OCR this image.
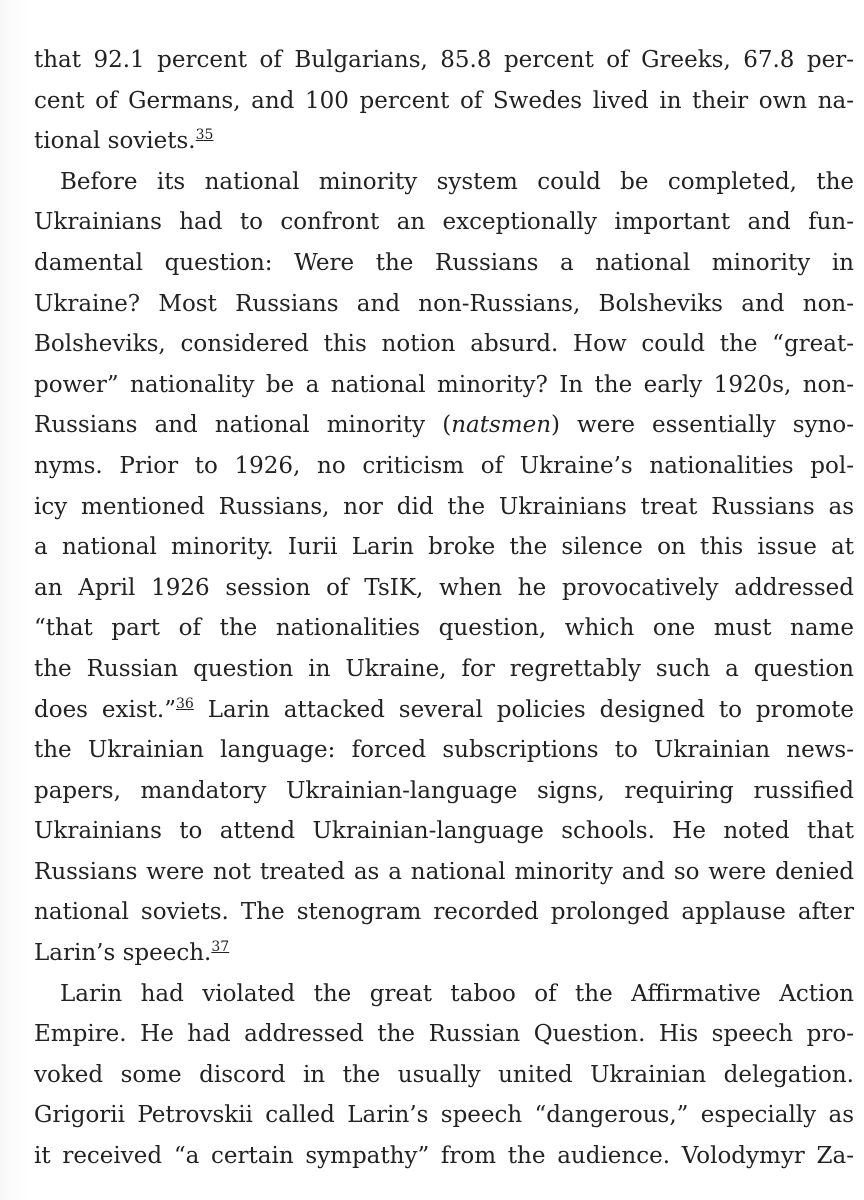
that 92.1 percent of Bulgarians, 85.8 percent of Greeks, 67.8 per-
cent of Germans, and 100 percent of Swedes lived in their own na-
tional soviets.$^{35}$
Before its national minority system could be completed, the
Ukrainians had to confront an exceptionally important and fun-
damental question: Were the Russians a national minority in
Ukraine? Most Russians and non-Russians, Bolsheviks and non-
Bolsheviks, considered this notion absurd. How could the “great-
power” nationality be a national minority? In the early 1920s, non-
Russians and national minority (natsmen) were essentially syno-
nyms. Prior to 1926, no criticism of Ukraine’s nationalities pol-
icy mentioned Russians, nor did the Ukrainians treat Russians as
a national minority. Iurii Larin broke the silence on this issue at
an April 1926 session of TsIK, when he provocatively addressed
“that part of the nationalities question, which one must name
the Russian question in Ukraine, for regrettably such a question
does exist.”$^{36}$ Larin attacked several policies designed to promote
the Ukrainian language: forced subscriptions to Ukrainian news-
papers, mandatory Ukrainian-language signs, requiring russified
Ukrainians to attend Ukrainian-language schools. He noted that
Russians were not treated as a national minority and so were denied
national soviets. The stenogram recorded prolonged applause after
Larin’s speech.$^{37}$
Larin had violated the great taboo of the Affirmative Action
Empire. He had addressed the Russian Question. His speech pro-
voked some discord in the usually united Ukrainian delegation.
Grigorii Petrovskii called Larin’s speech “dangerous,” especially as
it received “a certain sympathy” from the audience. Volodymyr Za-
